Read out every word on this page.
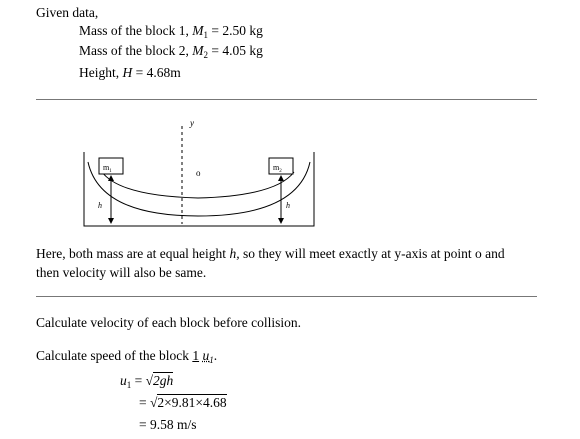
Given data,
Mass of the block 1, $M_1 = 2.50$ kg
Mass of the block 2, $M_2 = 4.05$ kg
Height, H = 4.68m
y
o
$m_1$	$m_2$
h	h
Here, both mass are at equal height h, so they will meet exactly at y-axis at point o and
then velocity will also be same.
Calculate velocity of each block before collision.
Calculate speed of the block 1 $u_1$.
$u_1 = √2gh$
= √2×9.81×4.68
= 9.58 m/s
